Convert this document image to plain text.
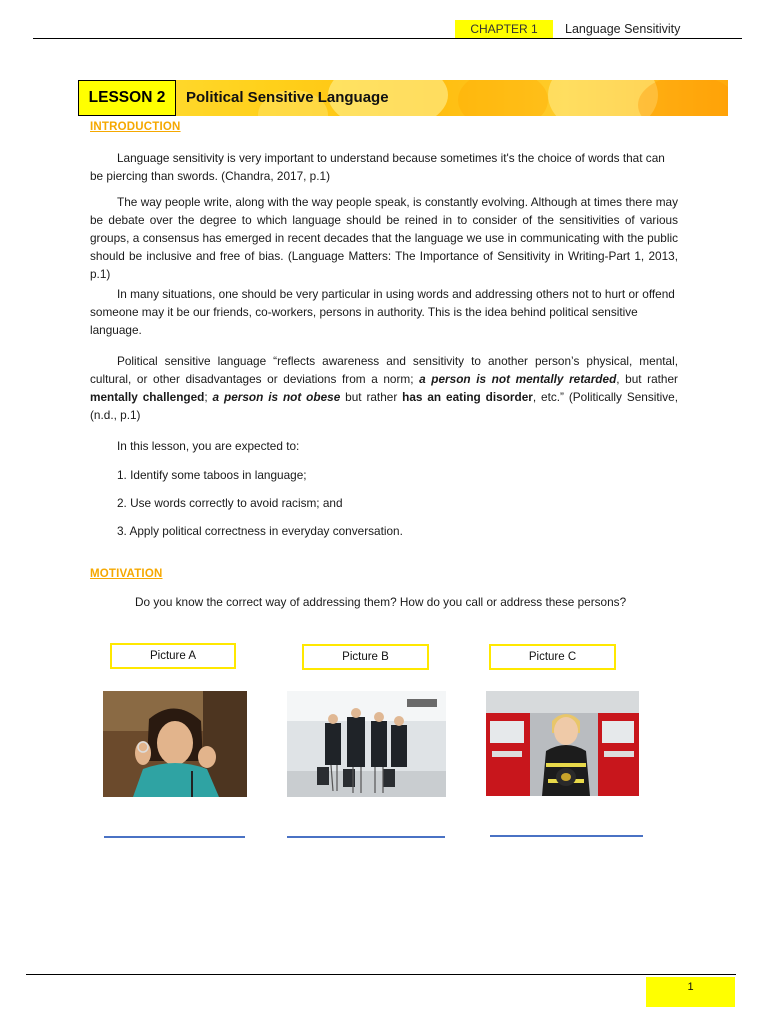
CHAPTER 1	Language Sensitivity
LESSON 2	Political Sensitive Language
INTRODUCTION
Language sensitivity is very important to understand because sometimes it's the choice of words that can be piercing than swords. (Chandra, 2017, p.1)
The way people write, along with the way people speak, is constantly evolving. Although at times there may be debate over the degree to which language should be reined in to consider of the sensitivities of various groups, a consensus has emerged in recent decades that the language we use in communicating with the public should be inclusive and free of bias. (Language Matters: The Importance of Sensitivity in Writing-Part 1, 2013, p.1)
In many situations, one should be very particular in using words and addressing others not to hurt or offend someone may it be our friends, co-workers, persons in authority. This is the idea behind political sensitive language.
Political sensitive language “reflects awareness and sensitivity to another person’s physical, mental, cultural, or other disadvantages or deviations from a norm; a person is not mentally retarded, but rather mentally challenged; a person is not obese but rather has an eating disorder, etc.” (Politically Sensitive, (n.d., p.1)
In this lesson, you are expected to:
1. Identify some taboos in language;
2. Use words correctly to avoid racism; and
3. Apply political correctness in everyday conversation.
MOTIVATION
Do you know the correct way of addressing them? How do you call or address these persons?
Picture A	Picture B	Picture C
1
